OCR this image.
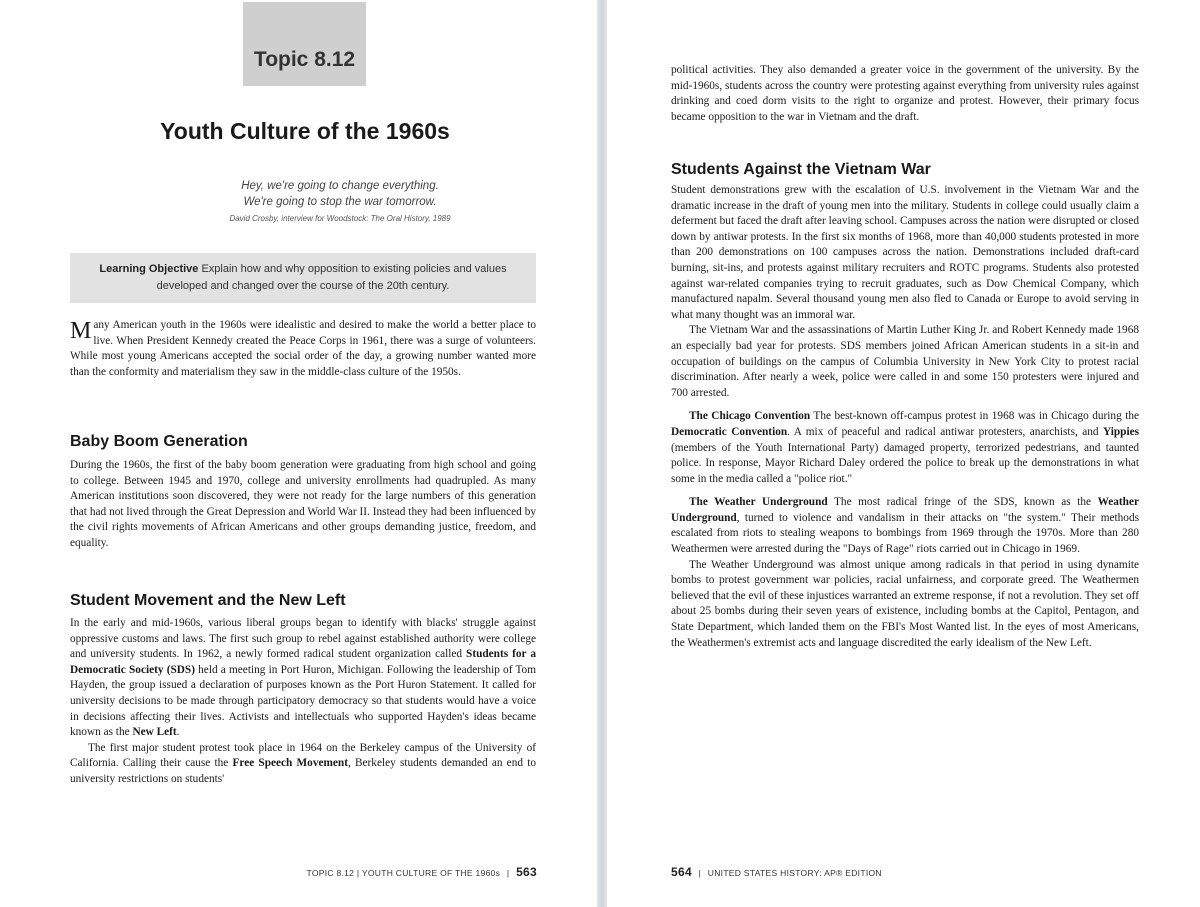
Topic 8.12
Youth Culture of the 1960s
Hey, we're going to change everything.
We're going to stop the war tomorrow.
David Crosby, interview for Woodstock: The Oral History, 1989
Learning Objective Explain how and why opposition to existing policies and values developed and changed over the course of the 20th century.

Many American youth in the 1960s were idealistic and desired to make the world a better place to live. When President Kennedy created the Peace Corps in 1961, there was a surge of volunteers. While most young Americans accepted the social order of the day, a growing number wanted more than the conformity and materialism they saw in the middle-class culture of the 1950s.

Baby Boom Generation

During the 1960s, the first of the baby boom generation were graduating from high school and going to college. Between 1945 and 1970, college and university enrollments had quadrupled. As many American institutions soon discovered, they were not ready for the large numbers of this generation that had not lived through the Great Depression and World War II. Instead they had been influenced by the civil rights movements of African Americans and other groups demanding justice, freedom, and equality.

Student Movement and the New Left

In the early and mid-1960s, various liberal groups began to identify with blacks' struggle against oppressive customs and laws. The first such group to rebel against established authority were college and university students. In 1962, a newly formed radical student organization called Students for a Democratic Society (SDS) held a meeting in Port Huron, Michigan. Following the leadership of Tom Hayden, the group issued a declaration of purposes known as the Port Huron Statement. It called for university decisions to be made through participatory democracy so that students would have a voice in decisions affecting their lives. Activists and intellectuals who supported Hayden's ideas became known as the New Left.

The first major student protest took place in 1964 on the Berkeley campus of the University of California. Calling their cause the Free Speech Movement, Berkeley students demanded an end to university restrictions on students'

TOPIC 8.12 | YOUTH CULTURE OF THE 1960s | 563

political activities. They also demanded a greater voice in the government of the university. By the mid-1960s, students across the country were protesting against everything from university rules against drinking and coed dorm visits to the right to organize and protest. However, their primary focus became opposition to the war in Vietnam and the draft.

Students Against the Vietnam War

Student demonstrations grew with the escalation of U.S. involvement in the Vietnam War and the dramatic increase in the draft of young men into the military. Students in college could usually claim a deferment but faced the draft after leaving school. Campuses across the nation were disrupted or closed down by antiwar protests. In the first six months of 1968, more than 40,000 students protested in more than 200 demonstrations on 100 campuses across the nation. Demonstrations included draft-card burning, sit-ins, and protests against military recruiters and ROTC programs. Students also protested against war-related companies trying to recruit graduates, such as Dow Chemical Company, which manufactured napalm. Several thousand young men also fled to Canada or Europe to avoid serving in what many thought was an immoral war.

The Vietnam War and the assassinations of Martin Luther King Jr. and Robert Kennedy made 1968 an especially bad year for protests. SDS members joined African American students in a sit-in and occupation of buildings on the campus of Columbia University in New York City to protest racial discrimination. After nearly a week, police were called in and some 150 protesters were injured and 700 arrested.

The Chicago Convention The best-known off-campus protest in 1968 was in Chicago during the Democratic Convention. A mix of peaceful and radical antiwar protesters, anarchists, and Yippies (members of the Youth International Party) damaged property, terrorized pedestrians, and taunted police. In response, Mayor Richard Daley ordered the police to break up the demonstrations in what some in the media called a "police riot."

The Weather Underground The most radical fringe of the SDS, known as the Weather Underground, turned to violence and vandalism in their attacks on "the system." Their methods escalated from riots to stealing weapons to bombings from 1969 through the 1970s. More than 280 Weathermen were arrested during the "Days of Rage" riots carried out in Chicago in 1969.

The Weather Underground was almost unique among radicals in that period in using dynamite bombs to protest government war policies, racial unfairness, and corporate greed. The Weathermen believed that the evil of these injustices warranted an extreme response, if not a revolution. They set off about 25 bombs during their seven years of existence, including bombs at the Capitol, Pentagon, and State Department, which landed them on the FBI's Most Wanted list. In the eyes of most Americans, the Weathermen's extremist acts and language discredited the early idealism of the New Left.

564 | UNITED STATES HISTORY: AP® EDITION
